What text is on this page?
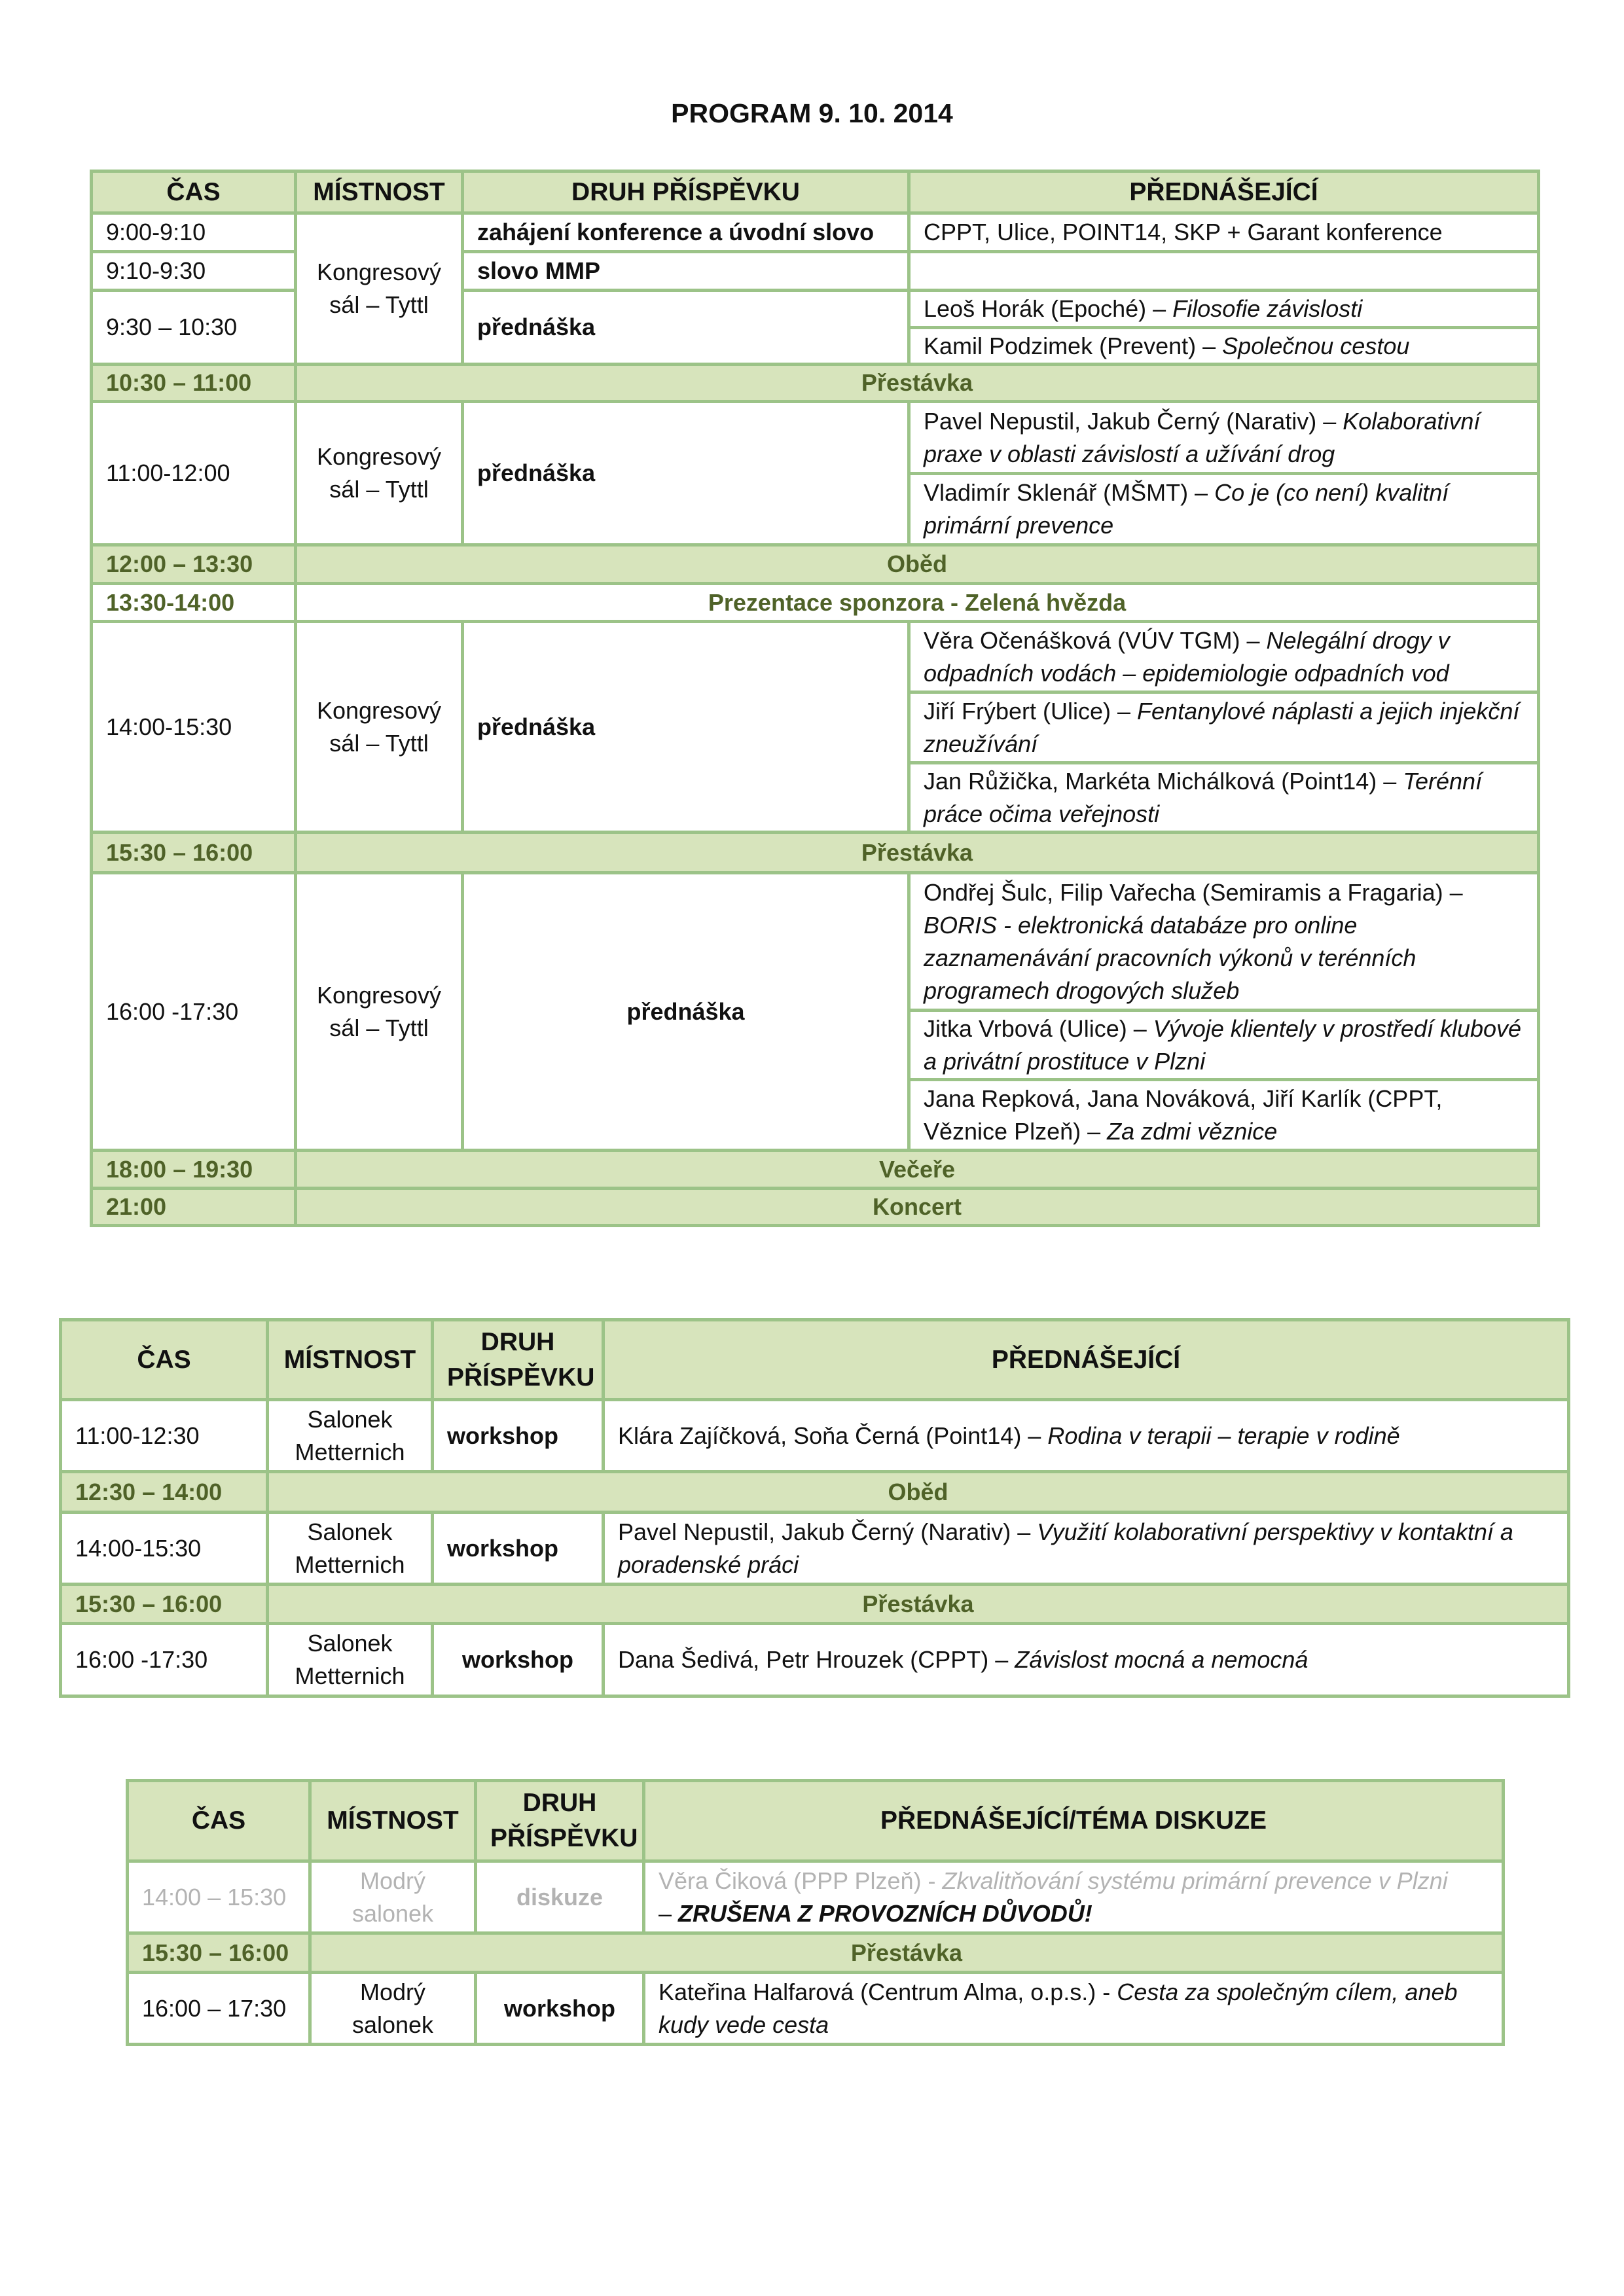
PROGRAM 9. 10. 2014
ČAS	MÍSTNOST	DRUH PŘÍSPĚVKU	PŘEDNÁŠEJÍCÍ
9:00-9:10	Kongresový sál – Tyttl	zahájení konference a úvodní slovo	CPPT, Ulice, POINT14, SKP + Garant konference
9:10-9:30		slovo MMP	
9:30 – 10:30		přednáška	Leoš Horák (Epoché) – Filosofie závislosti
			Kamil Podzimek (Prevent) – Společnou cestou
10:30 – 11:00	Přestávka		
11:00-12:00	Kongresový sál – Tyttl	přednáška	Pavel Nepustil, Jakub Černý (Narativ) – Kolaborativní praxe v oblasti závislostí a užívání drog
			Vladimír Sklenář (MŠMT) – Co je (co není) kvalitní primární prevence
12:00 – 13:30	Oběd		
13:30-14:00	Prezentace sponzora - Zelená hvězda		
14:00-15:30	Kongresový sál – Tyttl	přednáška	Věra Očenášková (VÚV TGM) – Nelegální drogy v odpadních vodách – epidemiologie odpadních vod
			Jiří Frýbert (Ulice) – Fentanylové náplasti a jejich injekční zneužívání
			Jan Růžička, Markéta Michálková (Point14) – Terénní práce očima veřejnosti
15:30 – 16:00	Přestávka		
16:00 -17:30	Kongresový sál – Tyttl	přednáška	Ondřej Šulc, Filip Vařecha (Semiramis a Fragaria) – BORIS - elektronická databáze pro online zaznamenávání pracovních výkonů v terénních programech drogových služeb
			Jitka Vrbová (Ulice) – Vývoje klientely v prostředí klubové a privátní prostituce v Plzni
			Jana Repková, Jana Nováková, Jiří Karlík (CPPT, Věznice Plzeň) – Za zdmi věznice
18:00 – 19:30	Večeře		
21:00	Koncert		
ČAS	MÍSTNOST	DRUH PŘÍSPĚVKU	PŘEDNÁŠEJÍCÍ
11:00-12:30	Salonek Metternich	workshop	Klára Zajíčková, Soňa Černá (Point14) – Rodina v terapii – terapie v rodině
12:30 – 14:00	Oběd		
14:00-15:30	Salonek Metternich	workshop	Pavel Nepustil, Jakub Černý (Narativ) – Využití kolaborativní perspektivy v kontaktní a poradenské práci
15:30 – 16:00	Přestávka		
16:00 -17:30	Salonek Metternich	workshop	Dana Šedivá, Petr Hrouzek (CPPT) – Závislost mocná a nemocná
ČAS	MÍSTNOST	DRUH PŘÍSPĚVKU	PŘEDNÁŠEJÍCÍ/TÉMA DISKUZE
14:00 – 15:30	Modrý salonek	diskuze	Věra Čiková (PPP Plzeň) - Zkvalitňování systému primární prevence v Plzni
– ZRUŠENA Z PROVOZNÍCH DŮVODŮ!
15:30 – 16:00	Přestávka		
16:00 – 17:30	Modrý salonek	workshop	Kateřina Halfarová (Centrum Alma, o.p.s.) - Cesta za společným cílem, aneb kudy vede cesta
